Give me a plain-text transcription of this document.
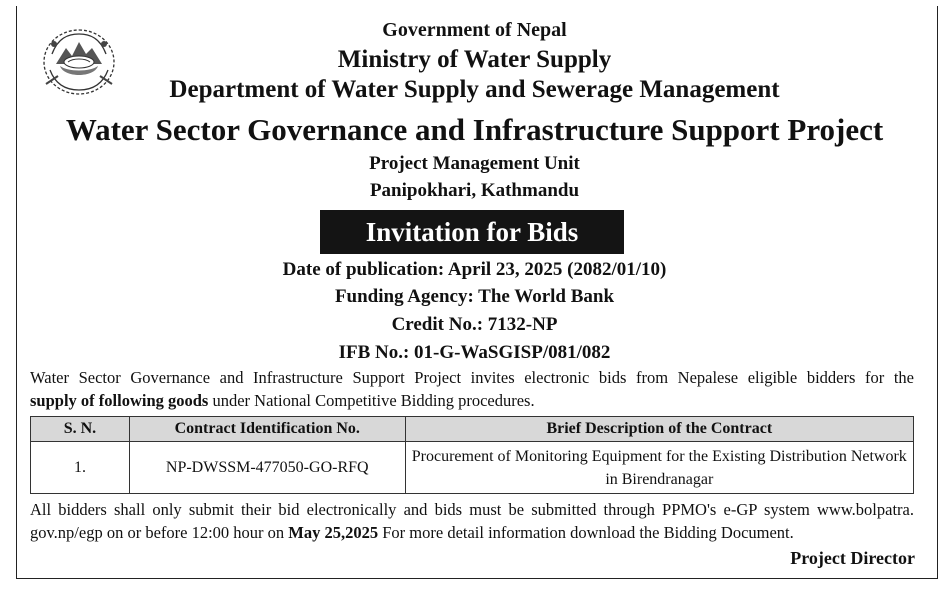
Government of Nepal
Ministry of Water Supply
Department of Water Supply and Sewerage Management
Water Sector Governance and Infrastructure Support Project
Project Management Unit
Panipokhari, Kathmandu
Invitation for Bids
Date of publication: April 23, 2025 (2082/01/10)
Funding Agency: The World Bank
Credit No.: 7132-NP
IFB No.: 01-G-WaSGISP/081/082
Water Sector Governance and Infrastructure Support Project invites electronic bids from Nepalese eligible bidders for the
supply of following goods under National Competitive Bidding procedures.
S. N.	Contract Identification No.	Brief Description of the Contract
1.	NP-DWSSM-477050-GO-RFQ	Procurement of Monitoring Equipment for the Existing Distribution Network in Birendranagar
All bidders shall only submit their bid electronically and bids must be submitted through PPMO's e-GP system www.bolpatra.
gov.np/egp on or before 12:00 hour on May 25,2025 For more detail information download the Bidding Document.
Project Director
